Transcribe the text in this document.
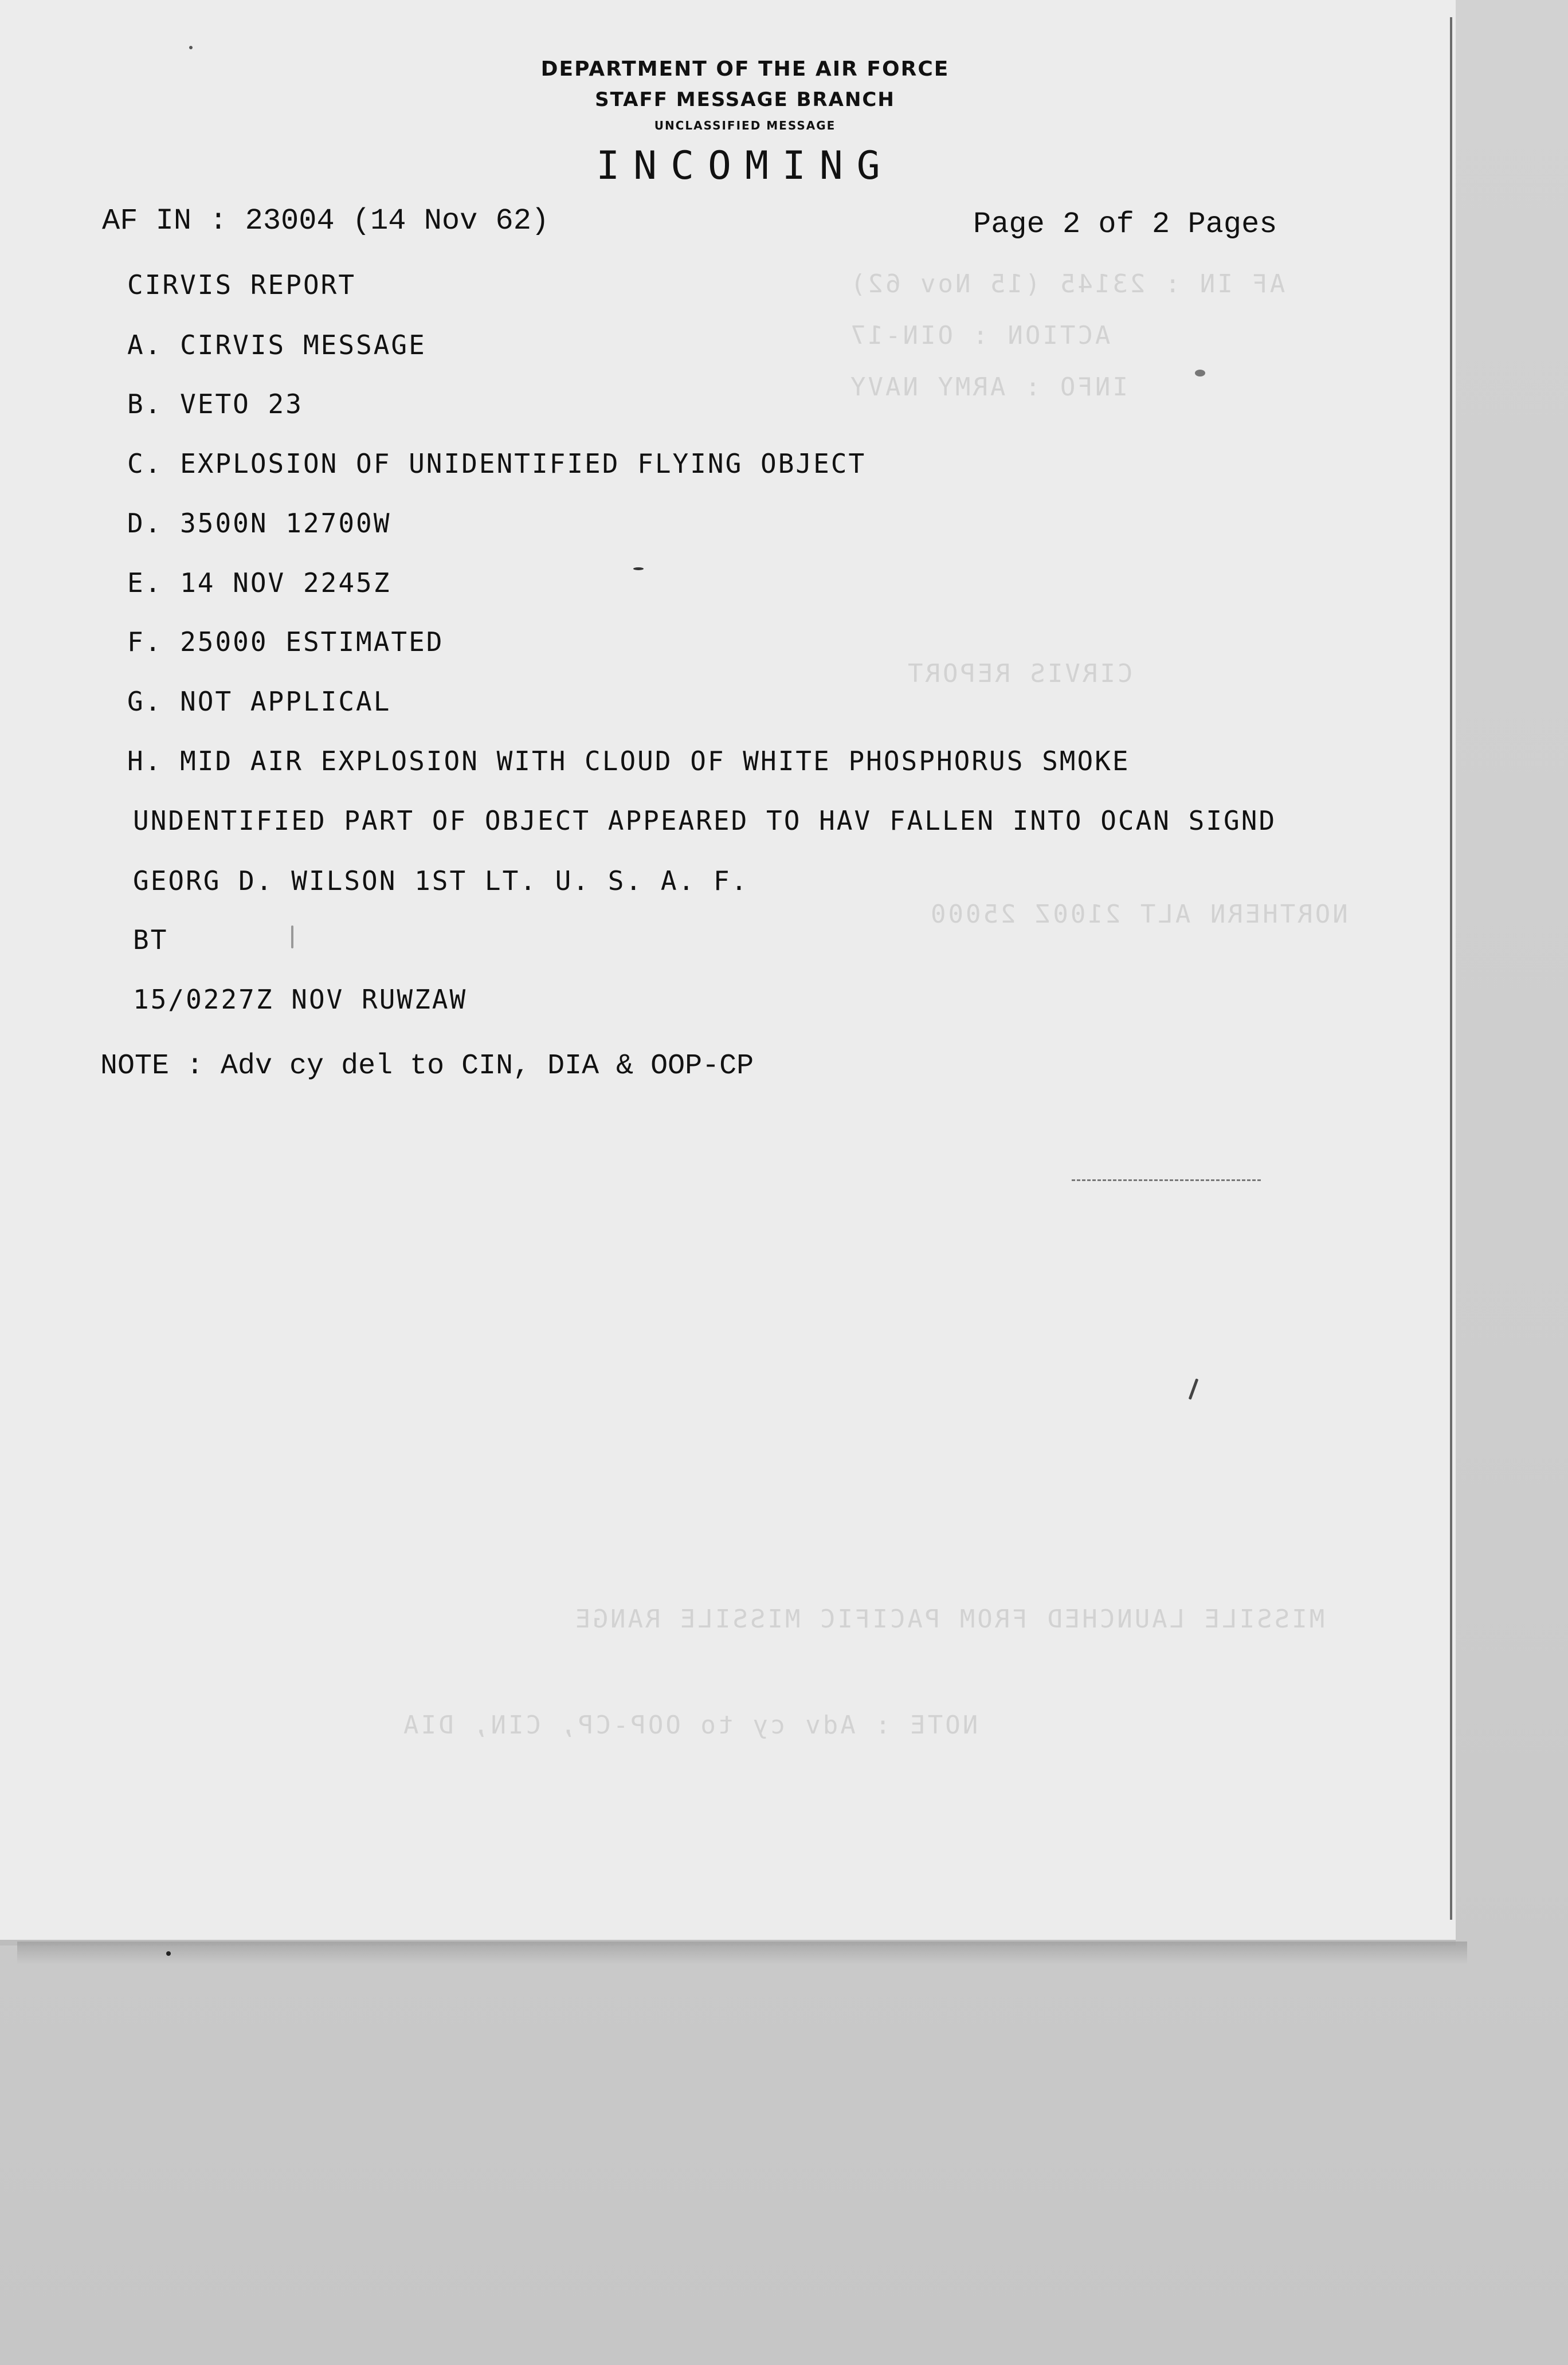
AF IN : 23145 (15 Nov 62)
ACTION : OIN-17
INFO : ARMY NAVY
CIRVIS REPORT
NORTHERN ALT 2100Z 25000
MISSILE LAUNCHED FROM PACIFIC MISSILE RANGE
NOTE : Adv cy to OOP-CP, CIN, DIA
DEPARTMENT OF THE AIR FORCE
STAFF MESSAGE BRANCH
UNCLASSIFIED MESSAGE
INCOMING
AF IN : 23004 (14 Nov 62)	Page 2 of 2 Pages
CIRVIS REPORT
A. CIRVIS MESSAGE
B. VETO 23
C. EXPLOSION OF UNIDENTIFIED FLYING OBJECT
D. 3500N 12700W
E. 14 NOV 2245Z
F. 25000 ESTIMATED
G. NOT APPLICAL
H. MID AIR EXPLOSION WITH CLOUD OF WHITE PHOSPHORUS SMOKE
UNDENTIFIED PART OF OBJECT APPEARED TO HAV FALLEN INTO OCAN SIGND
GEORG D. WILSON 1ST LT. U. S. A. F.
BT
15/0227Z NOV RUWZAW
NOTE : Adv cy del to CIN, DIA & OOP-CP
